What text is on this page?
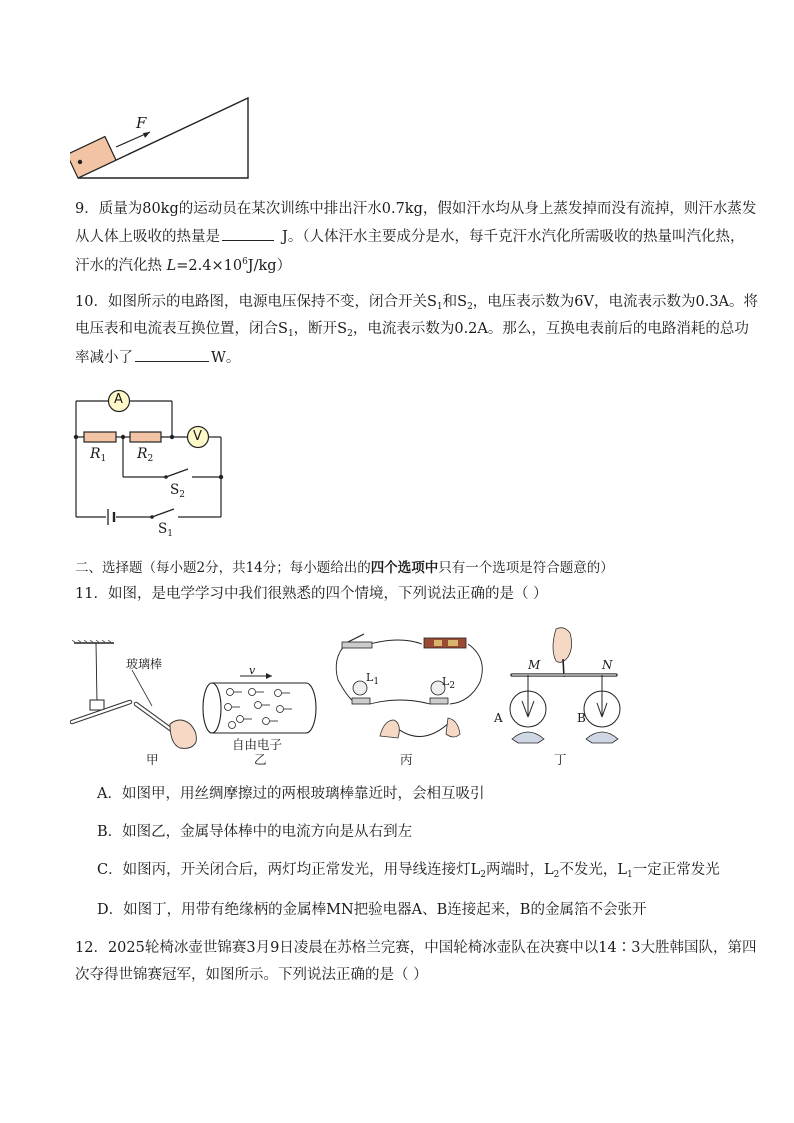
F
9．质量为80kg的运动员在某次训练中排出汗水0.7kg，假如汗水均从身上蒸发掉而没有流掉，则汗水蒸发
从人体上吸收的热量是	J。（人体汗水主要成分是水，每千克汗水汽化所需吸收的热量叫汽化热，
汗水的汽化热 $L=2.4\times 10^6J/kg$）
10．如图所示的电路图，电源电压保持不变，闭合开关$S_1$和$S_2$，电压表示数为6V，电流表示数为0.3A。将
电压表和电流表互换位置，闭合$S_1$，断开$S_2$，电流表示数为0.2A。那么，互换电表前后的电路消耗的总功
率减小了	W。
A
V
$R_1$ $R_2$
$S_2$
$S_1$
二、选择题（每小题2分，共14分；每小题给出的四个选项中只有一个选项是符合题意的）
11．如图，是电学学习中我们很熟悉的四个情境，下列说法正确的是（ ）
玻璃棒	v
自由电子
$L_1$	$L_2$
M	N
A	B
甲	乙	丙	丁
A．如图甲，用丝绸摩擦过的两根玻璃棒靠近时，会相互吸引
B．如图乙，金属导体棒中的电流方向是从右到左
C．如图丙，开关闭合后，两灯均正常发光，用导线连接灯$L_2$两端时，$L_2$不发光，$L_1$一定正常发光
D．如图丁，用带有绝缘柄的金属棒MN把验电器A、B连接起来，B的金属箔不会张开
12．2025轮椅冰壶世锦赛3月9日凌晨在苏格兰完赛，中国轮椅冰壶队在决赛中以14∶3大胜韩国队，第四
次夺得世锦赛冠军，如图所示。下列说法正确的是（ ）
